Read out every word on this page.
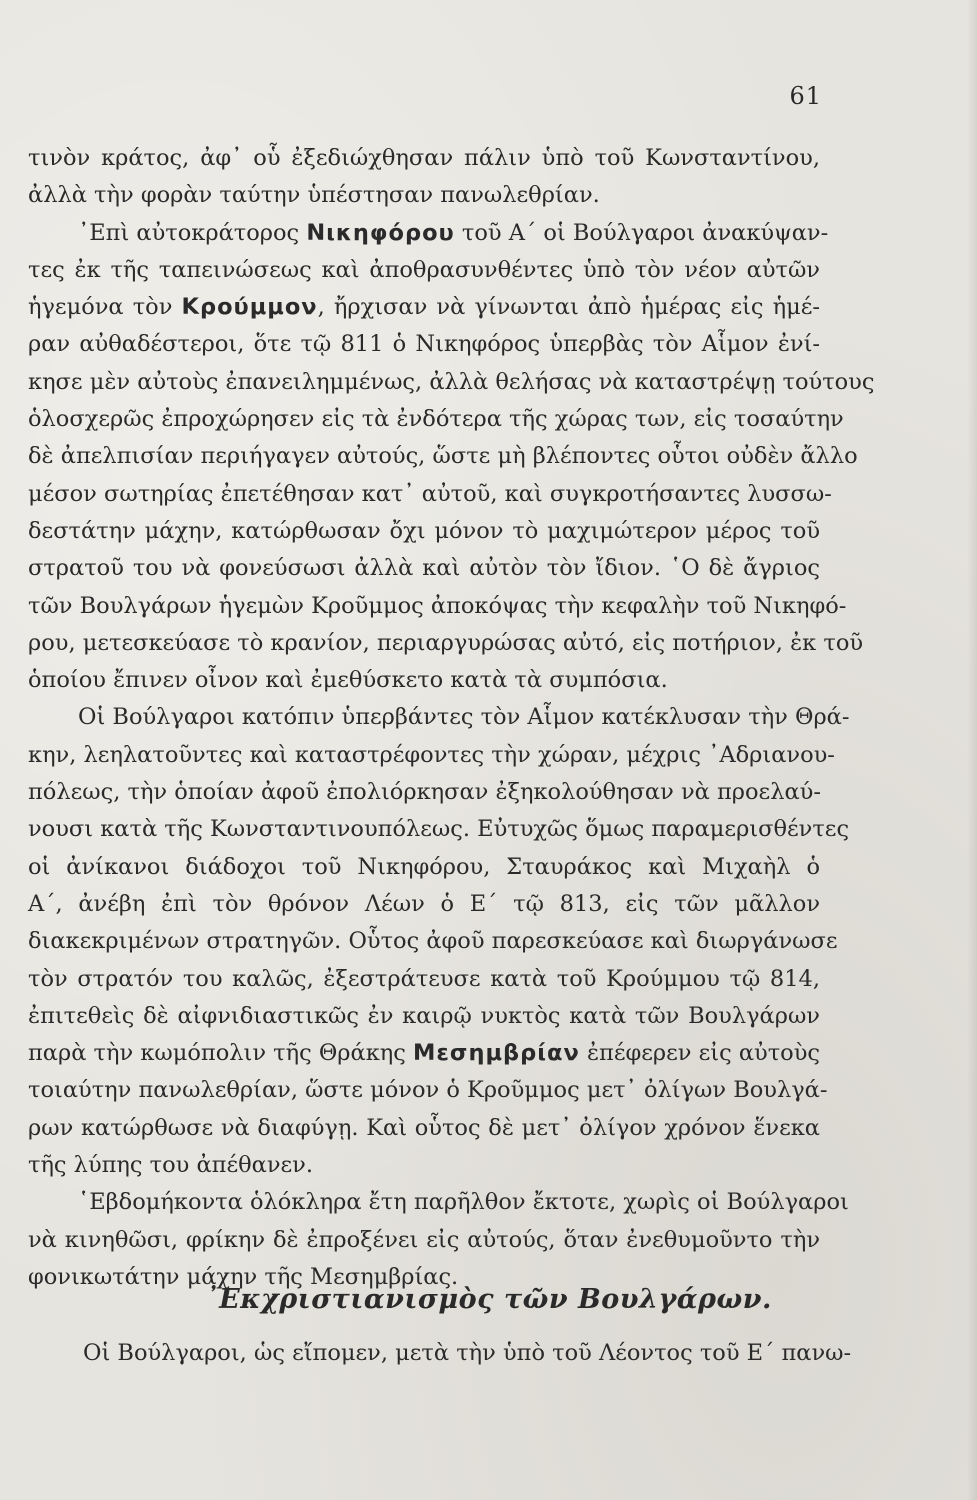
61
τινὸν κράτος, ἀφ᾽ οὗ ἐξεδιώχθησαν πάλιν ὑπὸ τοῦ Κωνσταντίνου,
ἀλλὰ τὴν φορὰν ταύτην ὑπέστησαν πανωλεθρίαν.
᾽Επὶ αὐτοκράτορος Νικηφόρου τοῦ Α΄ οἱ Βούλγαροι ἀνακύψαν-
τες ἐκ τῆς ταπεινώσεως καὶ ἀποθρασυνθέντες ὑπὸ τὸν νέον αὐτῶν
ἡγεμόνα τὸν Κρούμμον, ἤρχισαν νὰ γίνωνται ἀπὸ ἡμέρας εἰς ἡμέ-
ραν αὐθαδέστεροι, ὅτε τῷ 811 ὁ Νικηφόρος ὑπερβὰς τὸν Αἷμον ἐνί-
κησε μὲν αὐτοὺς ἐπανειλημμένως, ἀλλὰ θελήσας νὰ καταστρέψῃ τούτους
ὁλοσχερῶς ἐπροχώρησεν εἰς τὰ ἐνδότερα τῆς χώρας των, εἰς τοσαύτην
δὲ ἀπελπισίαν περιήγαγεν αὐτούς, ὥστε μὴ βλέποντες οὗτοι οὐδὲν ἄλλο
μέσον σωτηρίας ἐπετέθησαν κατ᾽ αὐτοῦ, καὶ συγκροτήσαντες λυσσω-
δεστάτην μάχην, κατώρθωσαν ὄχι μόνον τὸ μαχιμώτερον μέρος τοῦ
στρατοῦ του νὰ φονεύσωσι ἀλλὰ καὶ αὐτὸν τὸν ἴδιον. ῾Ο δὲ ἄγριος
τῶν Βουλγάρων ἡγεμὼν Κροῦμμος ἀποκόψας τὴν κεφαλὴν τοῦ Νικηφό-
ρου, μετεσκεύασε τὸ κρανίον, περιαργυρώσας αὐτό, εἰς ποτήριον, ἐκ τοῦ
ὁποίου ἔπινεν οἶνον καὶ ἐμεθύσκετο κατὰ τὰ συμπόσια.
Οἱ Βούλγαροι κατόπιν ὑπερβάντες τὸν Αἷμον κατέκλυσαν τὴν Θρά-
κην, λεηλατοῦντες καὶ καταστρέφοντες τὴν χώραν, μέχρις ᾽Αδριανου-
πόλεως, τὴν ὁποίαν ἀφοῦ ἐπολιόρκησαν ἐξηκολούθησαν νὰ προελαύ-
νουσι κατὰ τῆς Κωνσταντινουπόλεως. Εὐτυχῶς ὅμως παραμερισθέντες
οἱ ἀνίκανοι διάδοχοι τοῦ Νικηφόρου, Σταυράκος καὶ Μιχαὴλ ὁ
Α΄, ἀνέβη ἐπὶ τὸν θρόνον Λέων ὁ Ε΄ τῷ 813, εἰς τῶν μᾶλλον
διακεκριμένων στρατηγῶν. Οὗτος ἀφοῦ παρεσκεύασε καὶ διωργάνωσε
τὸν στρατόν του καλῶς, ἐξεστράτευσε κατὰ τοῦ Κρούμμου τῷ 814,
ἐπιτεθεὶς δὲ αἰφνιδιαστικῶς ἐν καιρῷ νυκτὸς κατὰ τῶν Βουλγάρων
παρὰ τὴν κωμόπολιν τῆς Θράκης Μεσημβρίαν ἐπέφερεν εἰς αὐτοὺς
τοιαύτην πανωλεθρίαν, ὥστε μόνον ὁ Κροῦμμος μετ᾽ ὀλίγων Βουλγά-
ρων κατώρθωσε νὰ διαφύγῃ. Καὶ οὗτος δὲ μετ᾽ ὀλίγον χρόνον ἕνεκα
τῆς λύπης του ἀπέθανεν.
῾Εβδομήκοντα ὁλόκληρα ἔτη παρῆλθον ἔκτοτε, χωρὶς οἱ Βούλγαροι
νὰ κινηθῶσι, φρίκην δὲ ἐπροξένει εἰς αὐτούς, ὅταν ἐνεθυμοῦντο τὴν
φονικωτάτην μάχην τῆς Μεσημβρίας.
᾽Εκχριστιανισμὸς τῶν Βουλγάρων.
Οἱ Βούλγαροι, ὡς εἴπομεν, μετὰ τὴν ὑπὸ τοῦ Λέοντος τοῦ Ε΄ πανω-
